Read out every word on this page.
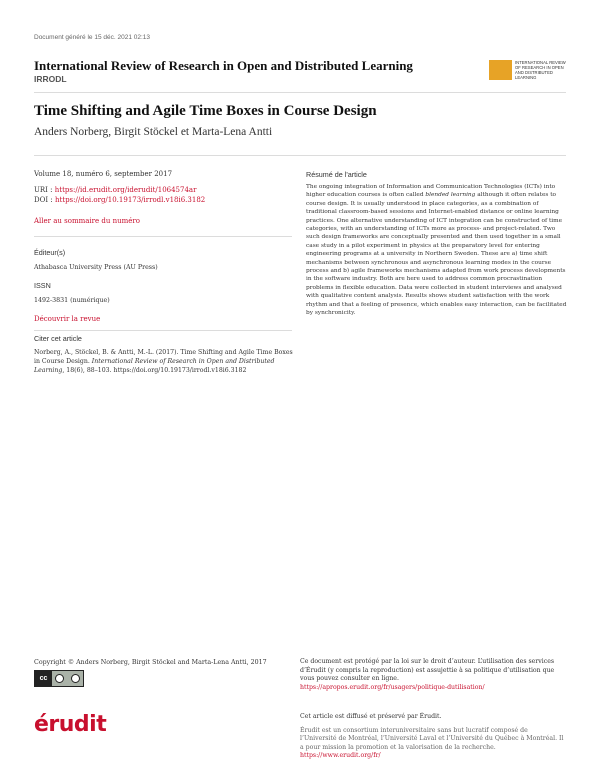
Document généré le 15 déc. 2021 02:13
International Review of Research in Open and Distributed Learning
IRRODL
INTERNATIONAL REVIEW OF RESEARCH IN OPEN AND DISTRIBUTED LEARNING
Time Shifting and Agile Time Boxes in Course Design
Anders Norberg, Birgit Stöckel et Marta-Lena Antti
Volume 18, numéro 6, september 2017
URI : https://id.erudit.org/iderudit/1064574ar
DOI : https://doi.org/10.19173/irrodl.v18i6.3182
Aller au sommaire du numéro
Éditeur(s)
Athabasca University Press (AU Press)
ISSN
1492-3831 (numérique)
Découvrir la revue
Citer cet article
Norberg, A., Stöckel, B. & Antti, M.-L. (2017). Time Shifting and Agile Time Boxes
in Course Design. International Review of Research in Open and Distributed
Learning, 18(6), 88–103. https://doi.org/10.19173/irrodl.v18i6.3182
Résumé de l'article
The ongoing integration of Information and Communication Technologies (ICTs) into higher education courses is often called blended learning although it often relates to course design. It is usually understood in place categories, as a combination of traditional classroom-based sessions and Internet-enabled distance or online learning practices. One alternative understanding of ICT integration can be constructed of time categories, with an understanding of ICTs more as process- and project-related. Two such design frameworks are conceptually presented and then used together in a small case study in a pilot experiment in physics at the preparatory level for entering engineering programs at a university in Northern Sweden. These are a) time shift mechanisms between synchronous and asynchronous learning modes in the course process and b) agile frameworks mechanisms adapted from work process developments in the software industry. Both are here used to address common procrastination problems in flexible education. Data were collected in student interviews and analysed with qualitative content analysis. Results shows student satisfaction with the work rhythm and that a feeling of presence, which enables easy interaction, can be facilitated by synchronicity.
Copyright © Anders Norberg, Birgit Stöckel and Marta-Lena Antti, 2017
cc
Ce document est protégé par la loi sur le droit d’auteur. L’utilisation des services d’Érudit (y compris la reproduction) est assujettie à sa politique d’utilisation que vous pouvez consulter en ligne.
https://apropos.erudit.org/fr/usagers/politique-dutilisation/
érudit	Cet article est diffusé et préservé par Érudit.
Érudit est un consortium interuniversitaire sans but lucratif composé de l’Université de Montréal, l’Université Laval et l’Université du Québec à Montréal. Il a pour mission la promotion et la valorisation de la recherche.
https://www.erudit.org/fr/
